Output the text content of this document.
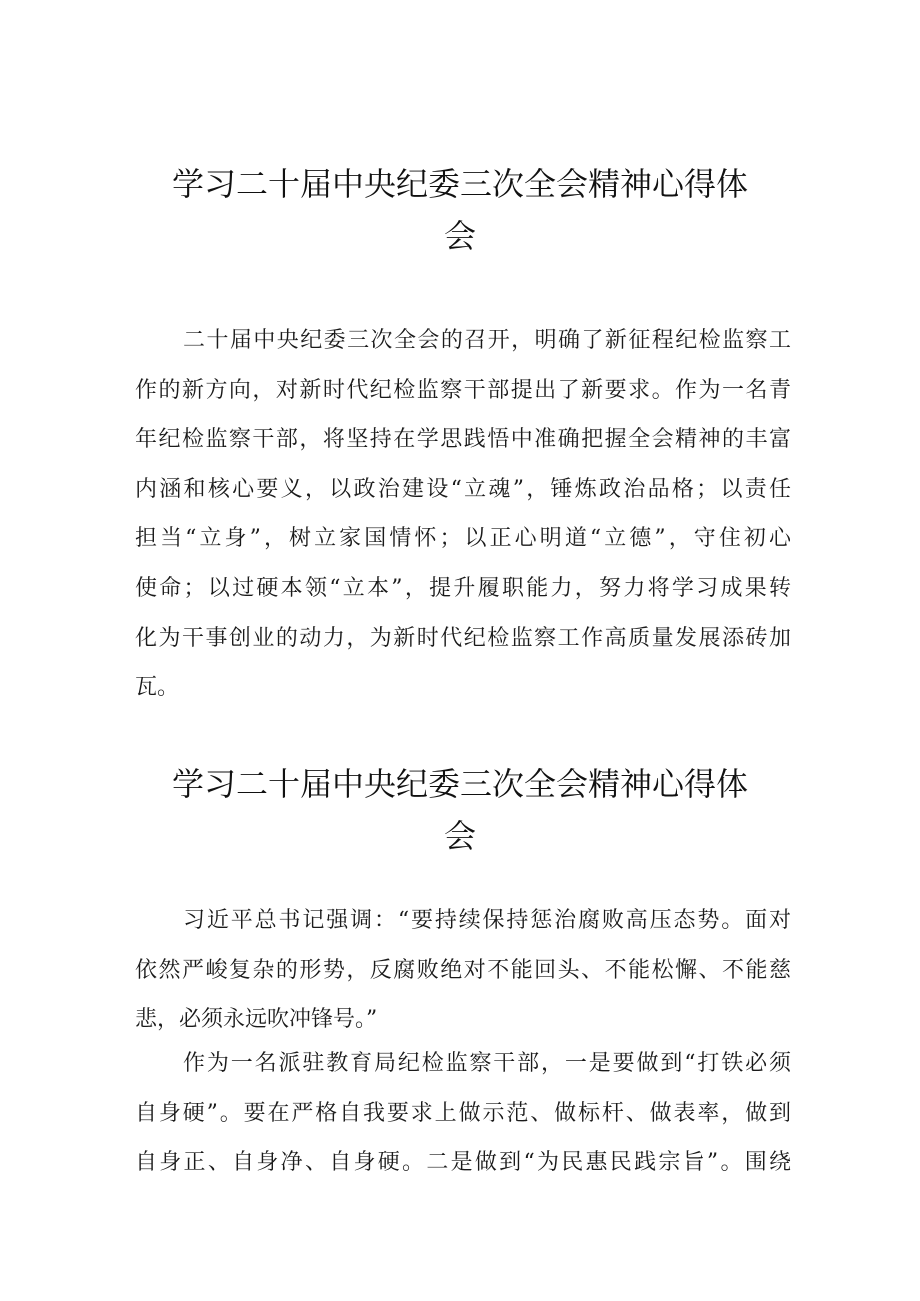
学习二十届中央纪委三次全会精神心得体
会
二十届中央纪委三次全会的召开，明确了新征程纪检监察工
作的新方向，对新时代纪检监察干部提出了新要求。作为一名青
年纪检监察干部，将坚持在学思践悟中准确把握全会精神的丰富
内涵和核心要义，以政治建设“立魂”，锤炼政治品格；以责任
担当“立身”，树立家国情怀；以正心明道“立德”，守住初心
使命；以过硬本领“立本”，提升履职能力，努力将学习成果转
化为干事创业的动力，为新时代纪检监察工作高质量发展添砖加
瓦。
学习二十届中央纪委三次全会精神心得体
会
习近平总书记强调：“要持续保持惩治腐败高压态势。面对
依然严峻复杂的形势，反腐败绝对不能回头、不能松懈、不能慈
悲，必须永远吹冲锋号。”
作为一名派驻教育局纪检监察干部，一是要做到“打铁必须
自身硬”。要在严格自我要求上做示范、做标杆、做表率，做到
自身正、自身净、自身硬。二是做到“为民惠民践宗旨”。围绕
